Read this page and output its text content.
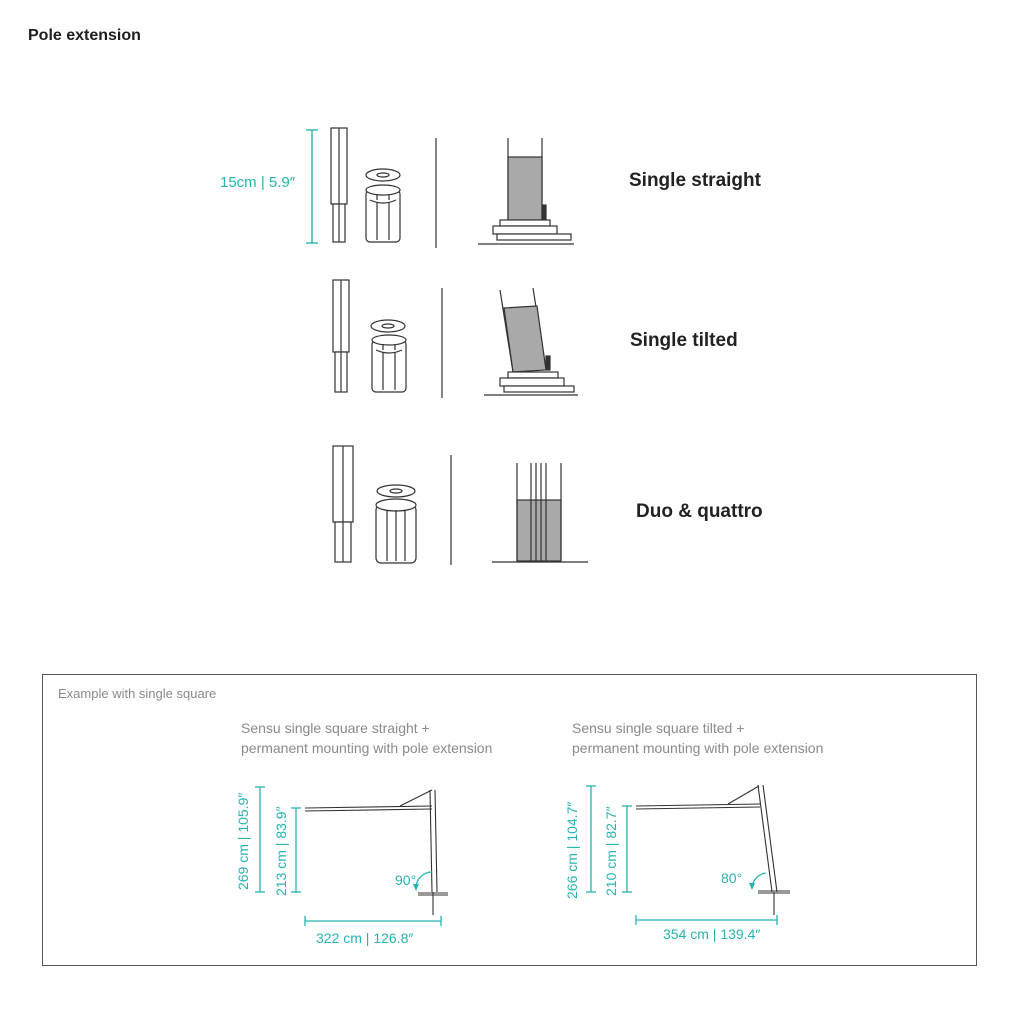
Pole extension
15cm | 5.9″	Single straight
Single tilted
Duo & quattro
Example with single square
Sensu single square straight +
permanent mounting with pole extension
Sensu single square tilted +
permanent mounting with pole extension
269 cm | 105.9″ 213 cm | 83.9″	90°
322 cm | 126.8″
266 cm | 104.7″ 210 cm | 82.7″	80°
354 cm | 139.4″
